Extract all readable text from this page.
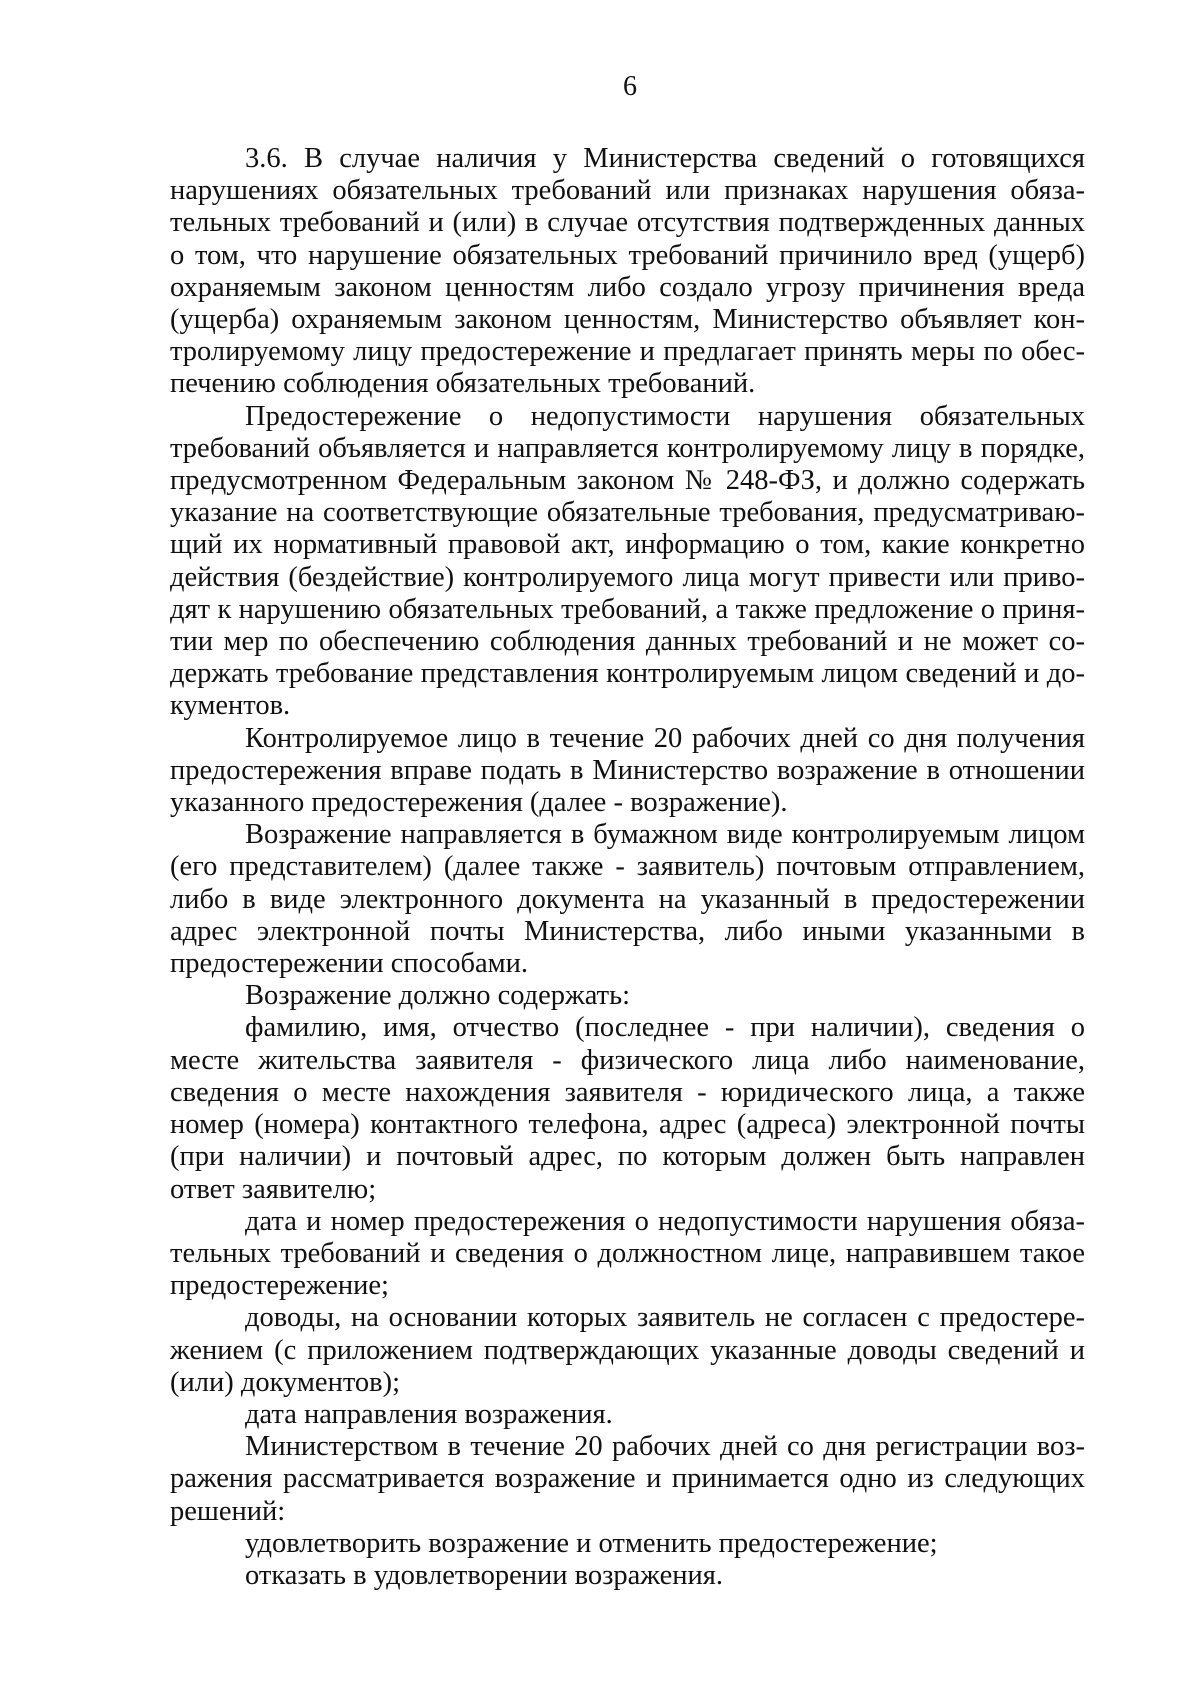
6

3.6. В случае наличия у Министерства сведений о готовящихся нарушениях обязательных требований или признаках нарушения обязательных требований и (или) в случае отсутствия подтвержденных данных о том, что нарушение обязательных требований причинило вред (ущерб) охраняемым законом ценностям либо создало угрозу причинения вреда (ущерба) охраняемым законом ценностям, Министерство объявляет контролируемому лицу предостережение и предлагает принять меры по обеспечению соблюдения обязательных требований.

Предостережение о недопустимости нарушения обязательных требований объявляется и направляется контролируемому лицу в порядке, предусмотренном Федеральным законом № 248-ФЗ, и должно содержать указание на соответствующие обязательные требования, предусматривающий их нормативный правовой акт, информацию о том, какие конкретно действия (бездействие) контролируемого лица могут привести или приводят к нарушению обязательных требований, а также предложение о принятии мер по обеспечению соблюдения данных требований и не может содержать требование представления контролируемым лицом сведений и документов.

Контролируемое лицо в течение 20 рабочих дней со дня получения предостережения вправе подать в Министерство возражение в отношении указанного предостережения (далее - возражение).

Возражение направляется в бумажном виде контролируемым лицом (его представителем) (далее также - заявитель) почтовым отправлением, либо в виде электронного документа на указанный в предостережении адрес электронной почты Министерства, либо иными указанными в предостережении способами.

Возражение должно содержать:

фамилию, имя, отчество (последнее - при наличии), сведения о месте жительства заявителя - физического лица либо наименование, сведения о месте нахождения заявителя - юридического лица, а также номер (номера) контактного телефона, адрес (адреса) электронной почты (при наличии) и почтовый адрес, по которым должен быть направлен ответ заявителю;

дата и номер предостережения о недопустимости нарушения обязательных требований и сведения о должностном лице, направившем такое предостережение;

доводы, на основании которых заявитель не согласен с предостережением (с приложением подтверждающих указанные доводы сведений и (или) документов);

дата направления возражения.

Министерством в течение 20 рабочих дней со дня регистрации возражения рассматривается возражение и принимается одно из следующих решений:

удовлетворить возражение и отменить предостережение;

отказать в удовлетворении возражения.
